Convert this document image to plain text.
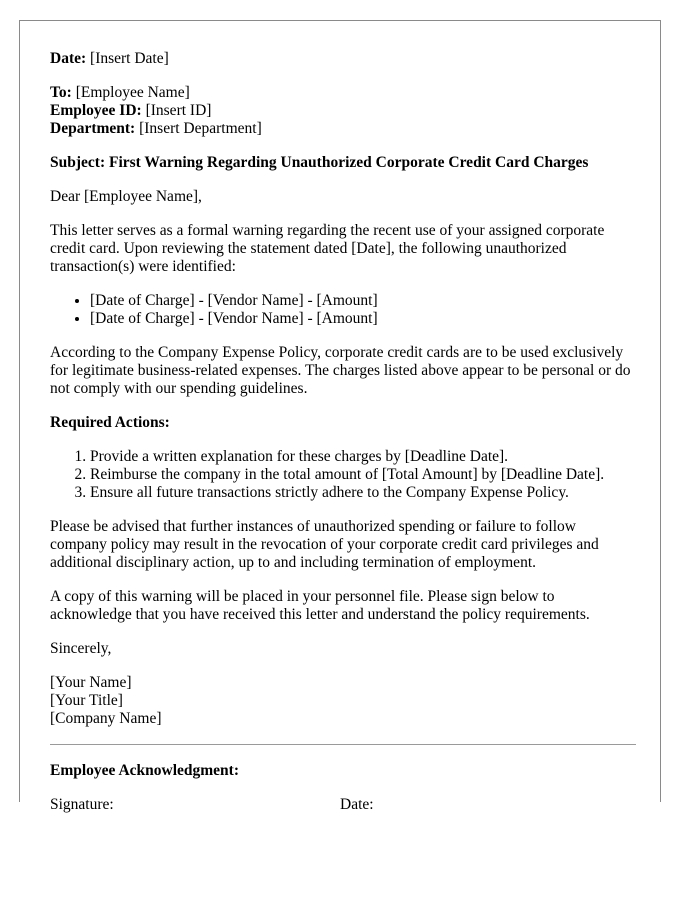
Date: [Insert Date]

To: [Employee Name]

Employee ID: [Insert ID]

Department: [Insert Department]

Subject: First Warning Regarding Unauthorized Corporate Credit Card Charges

Dear [Employee Name],

This letter serves as a formal warning regarding the recent use of your assigned corporate credit card. Upon reviewing the statement dated [Date], the following unauthorized transaction(s) were identified:

• [Date of Charge] - [Vendor Name] - [Amount]
• [Date of Charge] - [Vendor Name] - [Amount]

According to the Company Expense Policy, corporate credit cards are to be used exclusively for legitimate business-related expenses. The charges listed above appear to be personal or do not comply with our spending guidelines.

Required Actions:

1. Provide a written explanation for these charges by [Deadline Date].
2. Reimburse the company in the total amount of [Total Amount] by [Deadline Date].
3. Ensure all future transactions strictly adhere to the Company Expense Policy.

Please be advised that further instances of unauthorized spending or failure to follow company policy may result in the revocation of your corporate credit card privileges and additional disciplinary action, up to and including termination of employment.

A copy of this warning will be placed in your personnel file. Please sign below to acknowledge that you have received this letter and understand the policy requirements.

Sincerely,

[Your Name]

[Your Title]

[Company Name]

Employee Acknowledgment:

Signature:	Date:
